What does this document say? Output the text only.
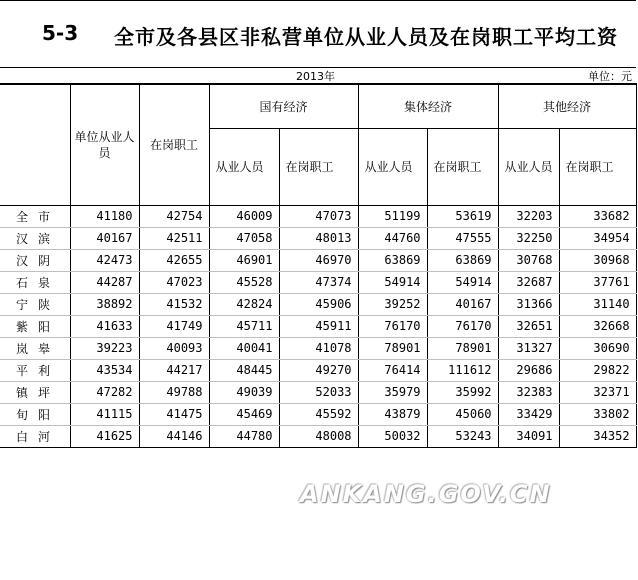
5-3 全市及各县区非私营单位从业人员及在岗职工平均工资
2013年	单位：元
	单位从业人员	在岗职工	国有经济		集体经济		其他经济	
			从业人员	在岗职工	从业人员	在岗职工	从业人员	在岗职工
全市	41180	42754	46009	47073	51199	53619	32203	33682
汉滨	40167	42511	47058	48013	44760	47555	32250	34954
汉阴	42473	42655	46901	46970	63869	63869	30768	30968
石泉	44287	47023	45528	47374	54914	54914	32687	37761
宁陕	38892	41532	42824	45906	39252	40167	31366	31140
紫阳	41633	41749	45711	45911	76170	76170	32651	32668
岚皋	39223	40093	40041	41078	78901	78901	31327	30690
平利	43534	44217	48445	49270	76414	111612	29686	29822
镇坪	47282	49788	49039	52033	35979	35992	32383	32371
旬阳	41115	41475	45469	45592	43879	45060	33429	33802
白河	41625	44146	44780	48008	50032	53243	34091	34352
ANKANG.GOV.CN
